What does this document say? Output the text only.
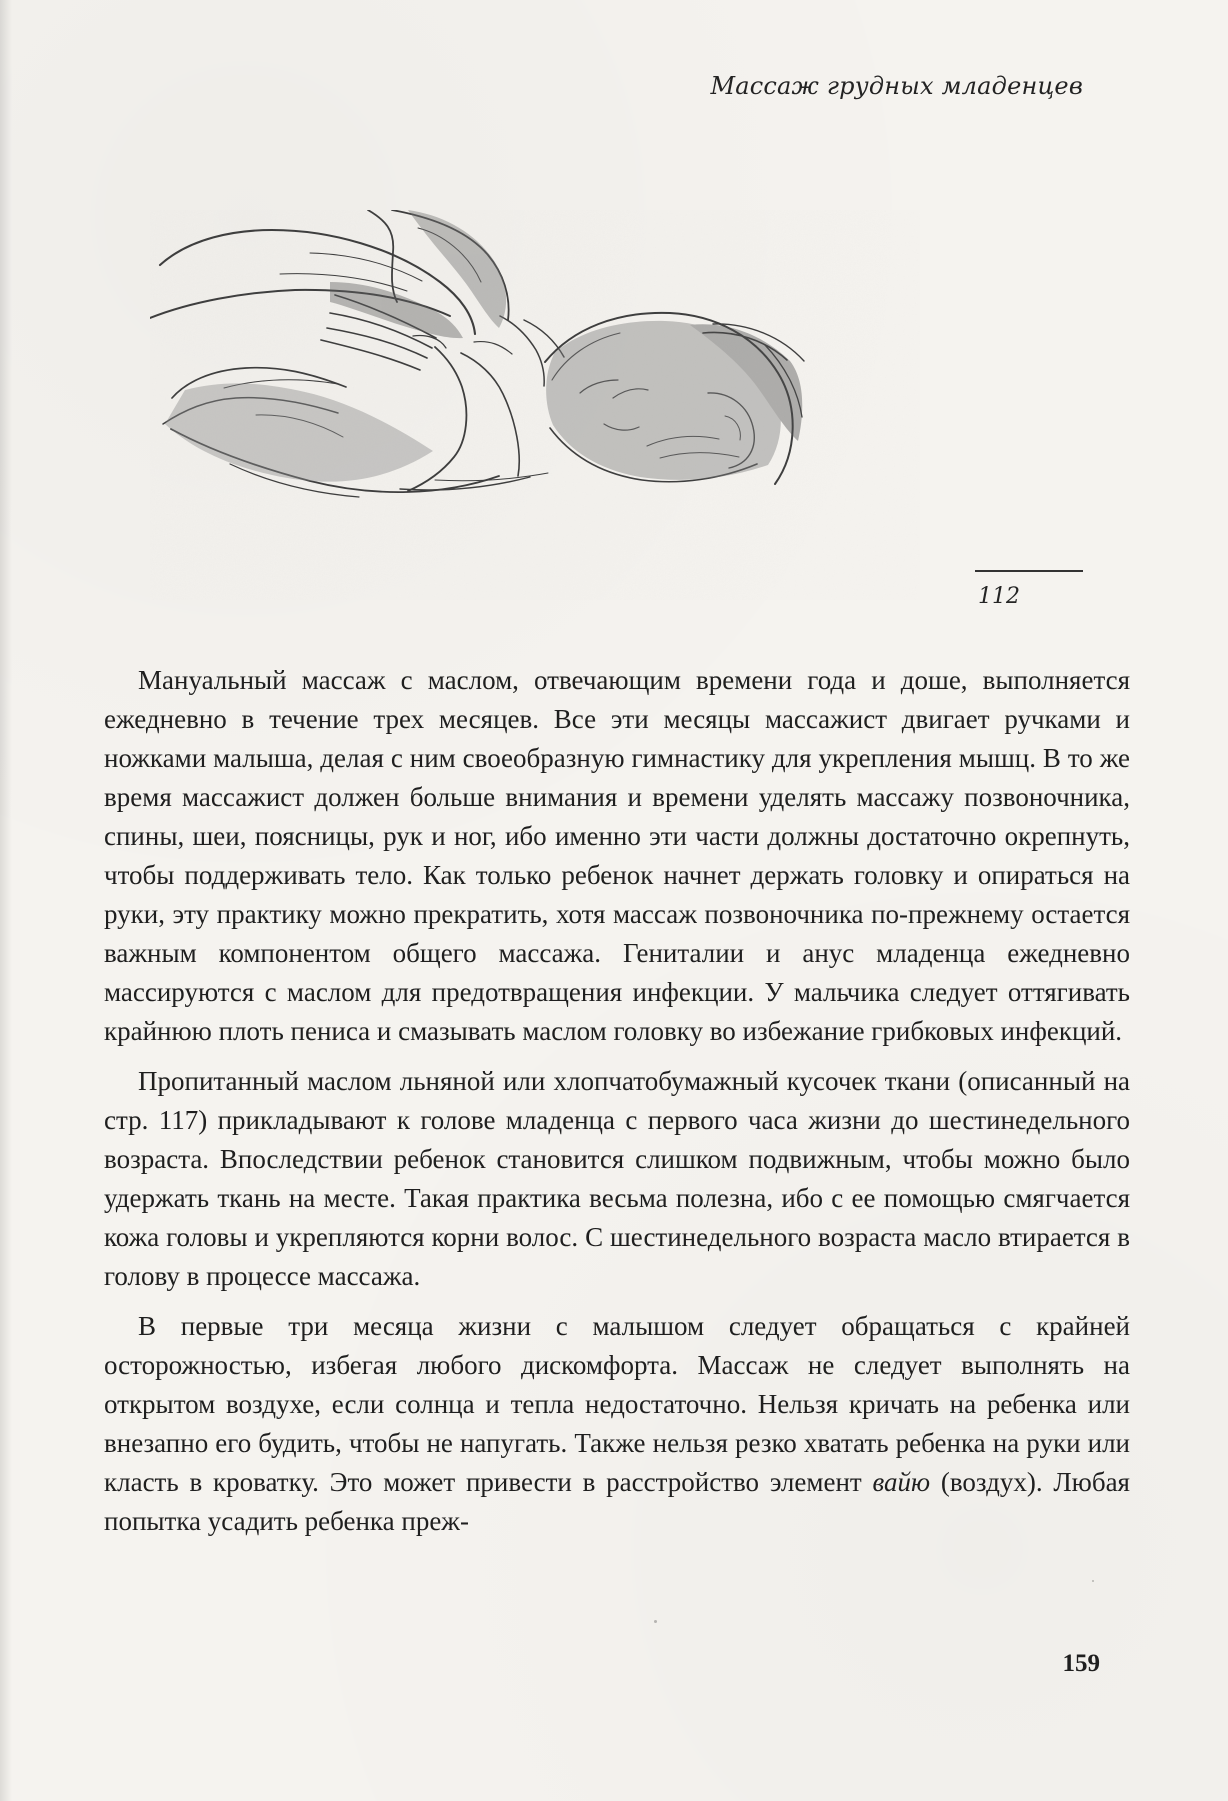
Массаж грудных младенцев
112

Мануальный массаж с маслом, отвечающим времени года и доше, выполняется ежедневно в течение трех месяцев. Все эти месяцы массажист двигает ручками и ножками малыша, делая с ним своеобразную гимнастику для укрепления мышц. В то же время массажист должен больше внимания и времени уделять массажу позвоночника, спины, шеи, поясницы, рук и ног, ибо именно эти части должны достаточно окрепнуть, чтобы поддерживать тело. Как только ребенок начнет держать головку и опираться на руки, эту практику можно прекратить, хотя массаж позвоночника по-прежнему остается важным компонентом общего массажа. Гениталии и анус младенца ежедневно массируются с маслом для предотвращения инфекции. У мальчика следует оттягивать крайнюю плоть пениса и смазывать маслом головку во избежание грибковых инфекций.

Пропитанный маслом льняной или хлопчатобумажный кусочек ткани (описанный на стр. 117) прикладывают к голове младенца с первого часа жизни до шестинедельного возраста. Впоследствии ребенок становится слишком подвижным, чтобы можно было удержать ткань на месте. Такая практика весьма полезна, ибо с ее помощью смягчается кожа головы и укрепляются корни волос. С шестинедельного возраста масло втирается в голову в процессе массажа.

В первые три месяца жизни с малышом следует обращаться с крайней осторожностью, избегая любого дискомфорта. Массаж не следует выполнять на открытом воздухе, если солнца и тепла недостаточно. Нельзя кричать на ребенка или внезапно его будить, чтобы не напугать. Также нельзя резко хватать ребенка на руки или класть в кроватку. Это может привести в расстройство элемент вайю (воздух). Любая попытка усадить ребенка преж-

159
